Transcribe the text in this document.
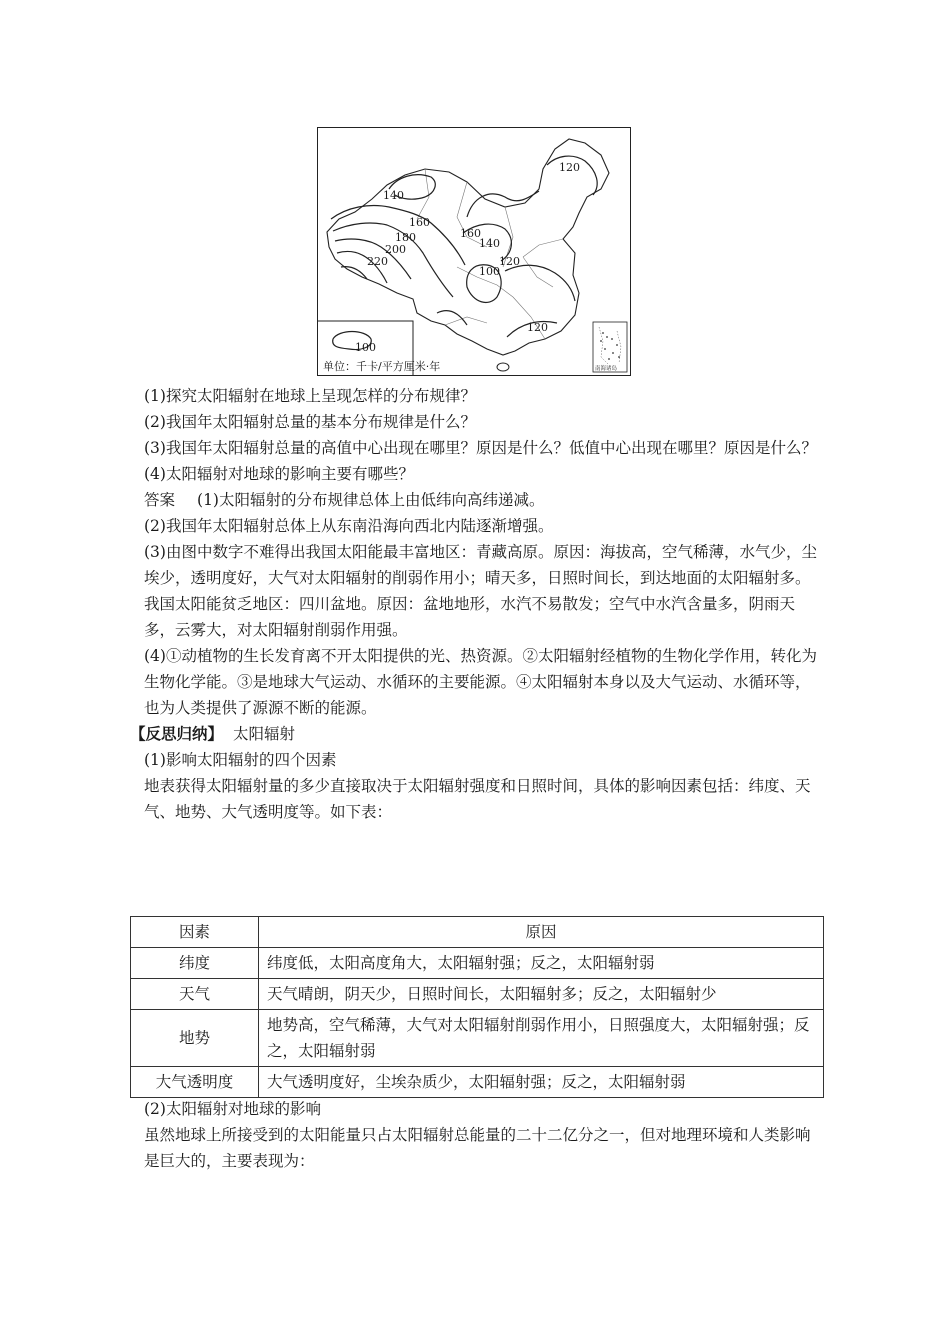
120
140
160
160
140
180
200
220
100
120
120
100
单位：千卡/平方厘米·年	南海诸岛
(1)探究太阳辐射在地球上呈现怎样的分布规律？
(2)我国年太阳辐射总量的基本分布规律是什么？
(3)我国年太阳辐射总量的高值中心出现在哪里？原因是什么？低值中心出现在哪里？原因是什么？
(4)太阳辐射对地球的影响主要有哪些？
答案 (1)太阳辐射的分布规律总体上由低纬向高纬递减。
(2)我国年太阳辐射总体上从东南沿海向西北内陆逐渐增强。
(3)由图中数字不难得出我国太阳能最丰富地区：青藏高原。原因：海拔高，空气稀薄，水气少，尘埃少，透明度好，大气对太阳辐射的削弱作用小；晴天多，日照时间长，到达地面的太阳辐射多。
我国太阳能贫乏地区：四川盆地。原因：盆地地形，水汽不易散发；空气中水汽含量多，阴雨天多，云雾大，对太阳辐射削弱作用强。
(4)①动植物的生长发育离不开太阳提供的光、热资源。②太阳辐射经植物的生物化学作用，转化为生物化学能。③是地球大气运动、水循环的主要能源。④太阳辐射本身以及大气运动、水循环等，也为人类提供了源源不断的能源。
【反思归纳】 太阳辐射
(1)影响太阳辐射的四个因素
地表获得太阳辐射量的多少直接取决于太阳辐射强度和日照时间，具体的影响因素包括：纬度、天气、地势、大气透明度等。如下表：
因素	原因
纬度	纬度低，太阳高度角大，太阳辐射强；反之，太阳辐射弱
天气	天气晴朗，阴天少，日照时间长，太阳辐射多；反之，太阳辐射少
地势	地势高，空气稀薄，大气对太阳辐射削弱作用小，日照强度大，太阳辐射强；反之，太阳辐射弱
大气透明度	大气透明度好，尘埃杂质少，太阳辐射强；反之，太阳辐射弱
(2)太阳辐射对地球的影响
虽然地球上所接受到的太阳能量只占太阳辐射总能量的二十二亿分之一，但对地理环境和人类影响是巨大的，主要表现为：
